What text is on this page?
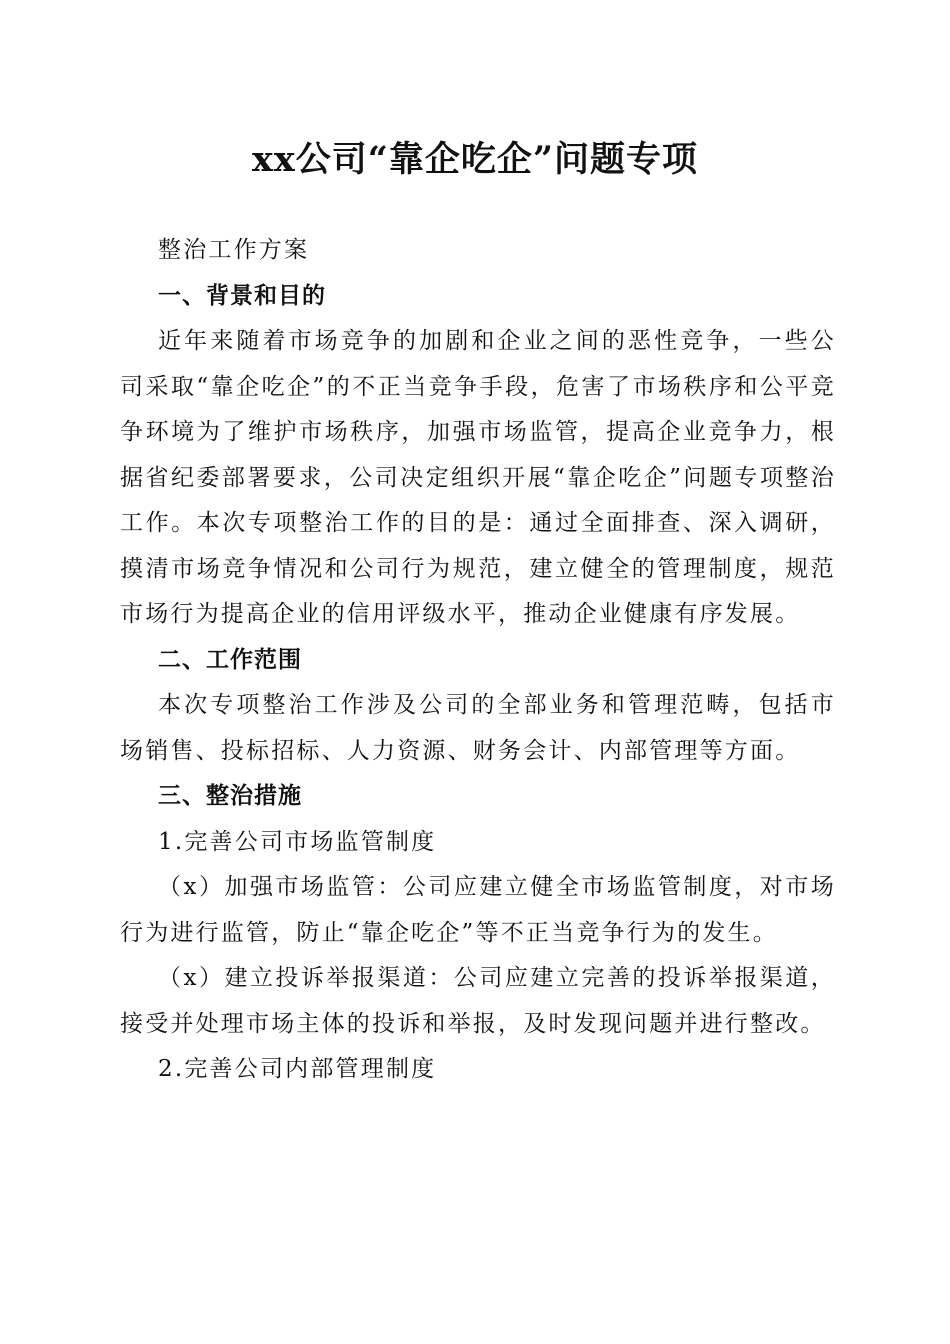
xx公司“靠企吃企”问题专项

整治工作方案

一、背景和目的

近年来随着市场竞争的加剧和企业之间的恶性竞争，一些公司采取“靠企吃企”的不正当竞争手段，危害了市场秩序和公平竞争环境为了维护市场秩序，加强市场监管，提高企业竞争力，根据省纪委部署要求，公司决定组织开展“靠企吃企”问题专项整治工作。本次专项整治工作的目的是：通过全面排查、深入调研，摸清市场竞争情况和公司行为规范，建立健全的管理制度，规范市场行为提高企业的信用评级水平，推动企业健康有序发展。

二、工作范围

本次专项整治工作涉及公司的全部业务和管理范畴，包括市场销售、投标招标、人力资源、财务会计、内部管理等方面。

三、整治措施

1.完善公司市场监管制度

（x）加强市场监管：公司应建立健全市场监管制度，对市场行为进行监管，防止“靠企吃企”等不正当竞争行为的发生。

（x）建立投诉举报渠道：公司应建立完善的投诉举报渠道，接受并处理市场主体的投诉和举报，及时发现问题并进行整改。

2.完善公司内部管理制度
